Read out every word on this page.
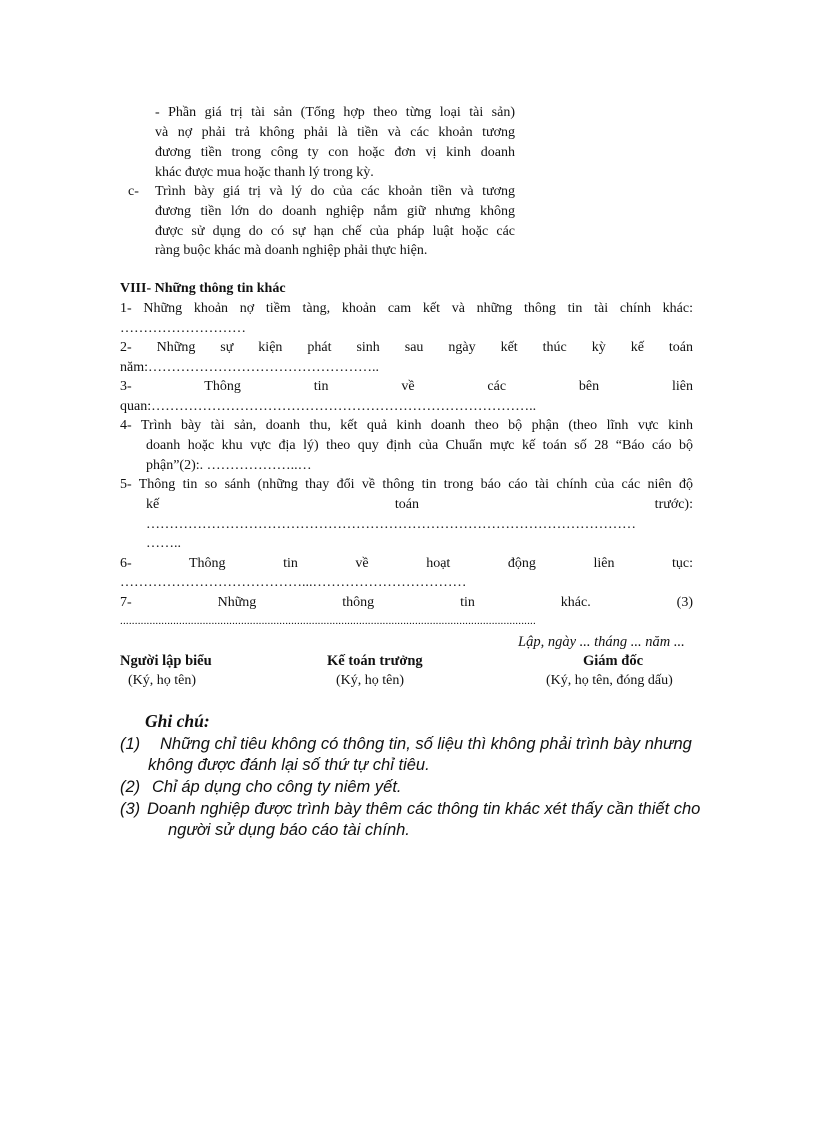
- Phần giá trị tài sản (Tổng hợp theo từng loại tài sản)
và nợ phải trả không phải là tiền và các khoản tương
đương tiền trong công ty con hoặc đơn vị kinh doanh
khác được mua hoặc thanh lý trong kỳ.
c- Trình bày giá trị và lý do của các khoản tiền và tương
đương tiền lớn do doanh nghiệp nắm giữ nhưng không
được sử dụng do có sự hạn chế của pháp luật hoặc các
ràng buộc khác mà doanh nghiệp phải thực hiện.
VIII- Những thông tin khác
1- Những khoản nợ tiềm tàng, khoản cam kết và những thông tin tài chính khác:
………………………
2- Những sự kiện phát sinh sau ngày kết thúc kỳ kế toán
năm:…………………………………………..
3- Thông tin về các bên liên
quan:………………………………………………………………………..
4- Trình bày tài sản, doanh thu, kết quả kinh doanh theo bộ phận (theo lĩnh vực kinh
doanh hoặc khu vực địa lý) theo quy định của Chuẩn mực kế toán số 28 “Báo cáo bộ
phận”(2):. ………………..…
5- Thông tin so sánh (những thay đổi về thông tin trong báo cáo tài chính của các niên độ
kế toán trước):
……………………………………………………………………………………………
……..
6- Thông tin về hoạt động liên tục:
…………………………………...……………………………
7- Những thông tin khác. (3)
.............................................................................................................................................
Lập, ngày ... tháng ... năm ...
Người lập biểu
(Ký, họ tên)
Kế toán trưởng
(Ký, họ tên)
Giám đốc
(Ký, họ tên, đóng dấu)
Ghi chú:
(1) Những chỉ tiêu không có thông tin, số liệu thì không phải trình bày nhưng
không được đánh lại số thứ tự chỉ tiêu.
(2) Chỉ áp dụng cho công ty niêm yết.
(3) Doanh nghiệp được trình bày thêm các thông tin khác xét thấy cần thiết cho
người sử dụng báo cáo tài chính.
